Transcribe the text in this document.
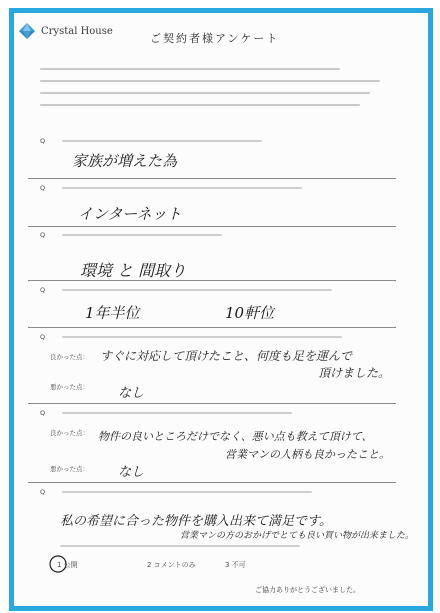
Crystal House
ご契約者様アンケート
Q
家族が増えた為
Q
インターネット
Q
環境 と 間取り
Q
1年半位	10軒位
Q
良かった点： すぐに対応して頂けたこと、何度も足を運んで
頂けました。
悪かった点： なし
Q
良かった点： 物件の良いところだけでなく、悪い点も教えて頂けて、
営業マンの人柄も良かったこと。
悪かった点： なし
Q
私の希望に合った物件を購入出来て満足です。
営業マンの方のおかげでとても良い買い物が出来ました。
1 公開	2 コメントのみ	3 不可
ご協力ありがとうございました。
